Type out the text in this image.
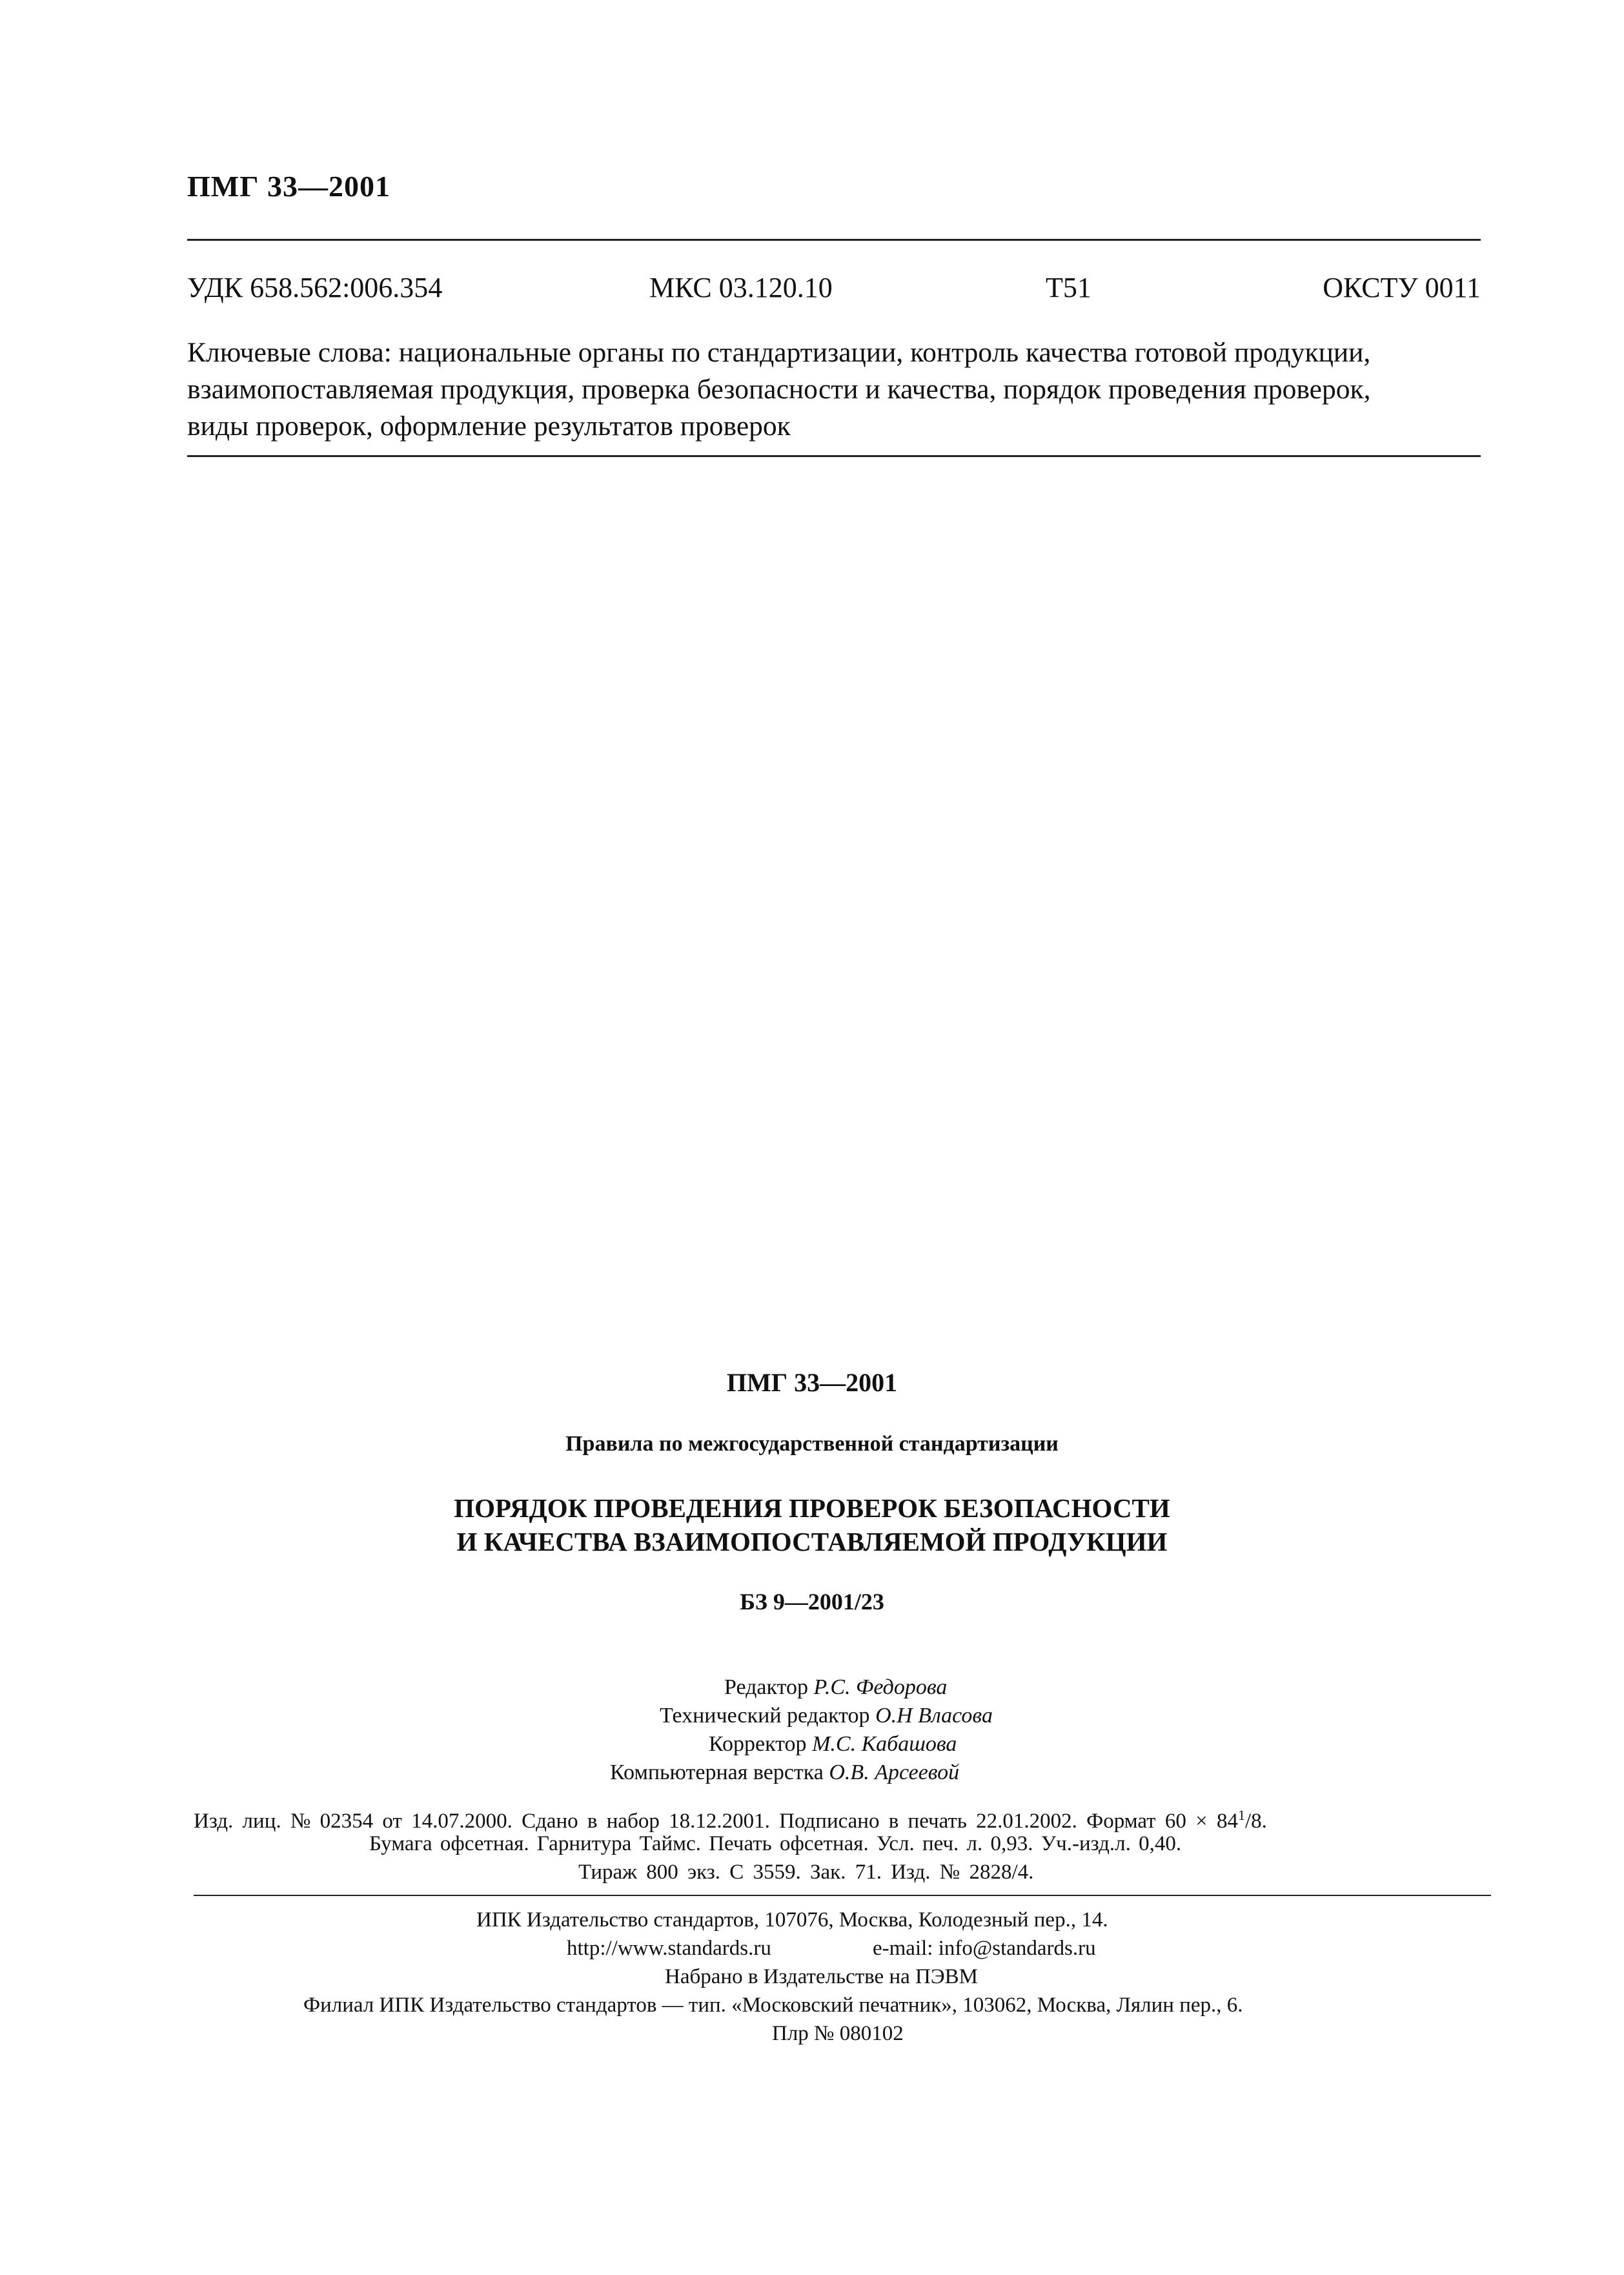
ПМГ 33—2001
УДК 658.562:006.354	МКС 03.120.10	Т51	ОКСТУ 0011

Ключевые слова: национальные органы по стандартизации, контроль качества готовой продукции,

взаимопоставляемая продукция, проверка безопасности и качества, порядок проведения проверок,

виды проверок, оформление результатов проверок

ПМГ 33—2001
Правила по межгосударственной стандартизации
ПОРЯДОК ПРОВЕДЕНИЯ ПРОВЕРОК БЕЗОПАСНОСТИ
И КАЧЕСТВА ВЗАИМОПОСТАВЛЯЕМОЙ ПРОДУКЦИИ
БЗ 9—2001/23
Редактор Р.С. Федорова
Технический редактор О.Н Власова
Корректор М.С. Кабашова
Компьютерная верстка О.В. Арсеевой
Изд. лиц. № 02354 от 14.07.2000. Сдано в набор 18.12.2001. Подписано в печать 22.01.2002. Формат $60 \times 84^1/8$.
Бумага офсетная. Гарнитура Таймс. Печать офсетная. Усл. печ. л. 0,93. Уч.-изд.л. 0,40.
Тираж 800 экз. С 3559. Зак. 71. Изд. № 2828/4.
ИПК Издательство стандартов, 107076, Москва, Колодезный пер., 14.
http://www.standards.ru	e-mail: info@standards.ru
Набрано в Издательстве на ПЭВМ
Филиал ИПК Издательство стандартов — тип. «Московский печатник», 103062, Москва, Лялин пер., 6.
Плр № 080102
